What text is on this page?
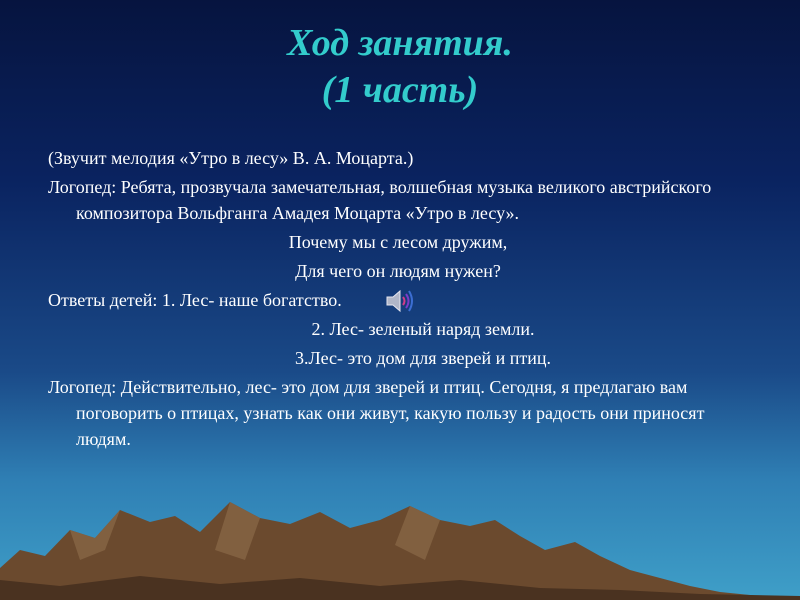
Ход занятия.
(1 часть)

(Звучит мелодия «Утро в лесу» В. А. Моцарта.)

Логопед: Ребята, прозвучала замечательная, волшебная музыка великого австрийского композитора Вольфганга Амадея Моцарта «Утро в лесу».

Почему мы с лесом дружим,

Для чего он людям нужен?

Ответы детей: 1. Лес- наше богатство.

2. Лес- зеленый наряд земли.

3.Лес- это дом для зверей и птиц.

Логопед: Действительно, лес- это дом для зверей и птиц. Сегодня, я предлагаю вам поговорить о птицах, узнать как они живут, какую пользу и радость они приносят людям.
